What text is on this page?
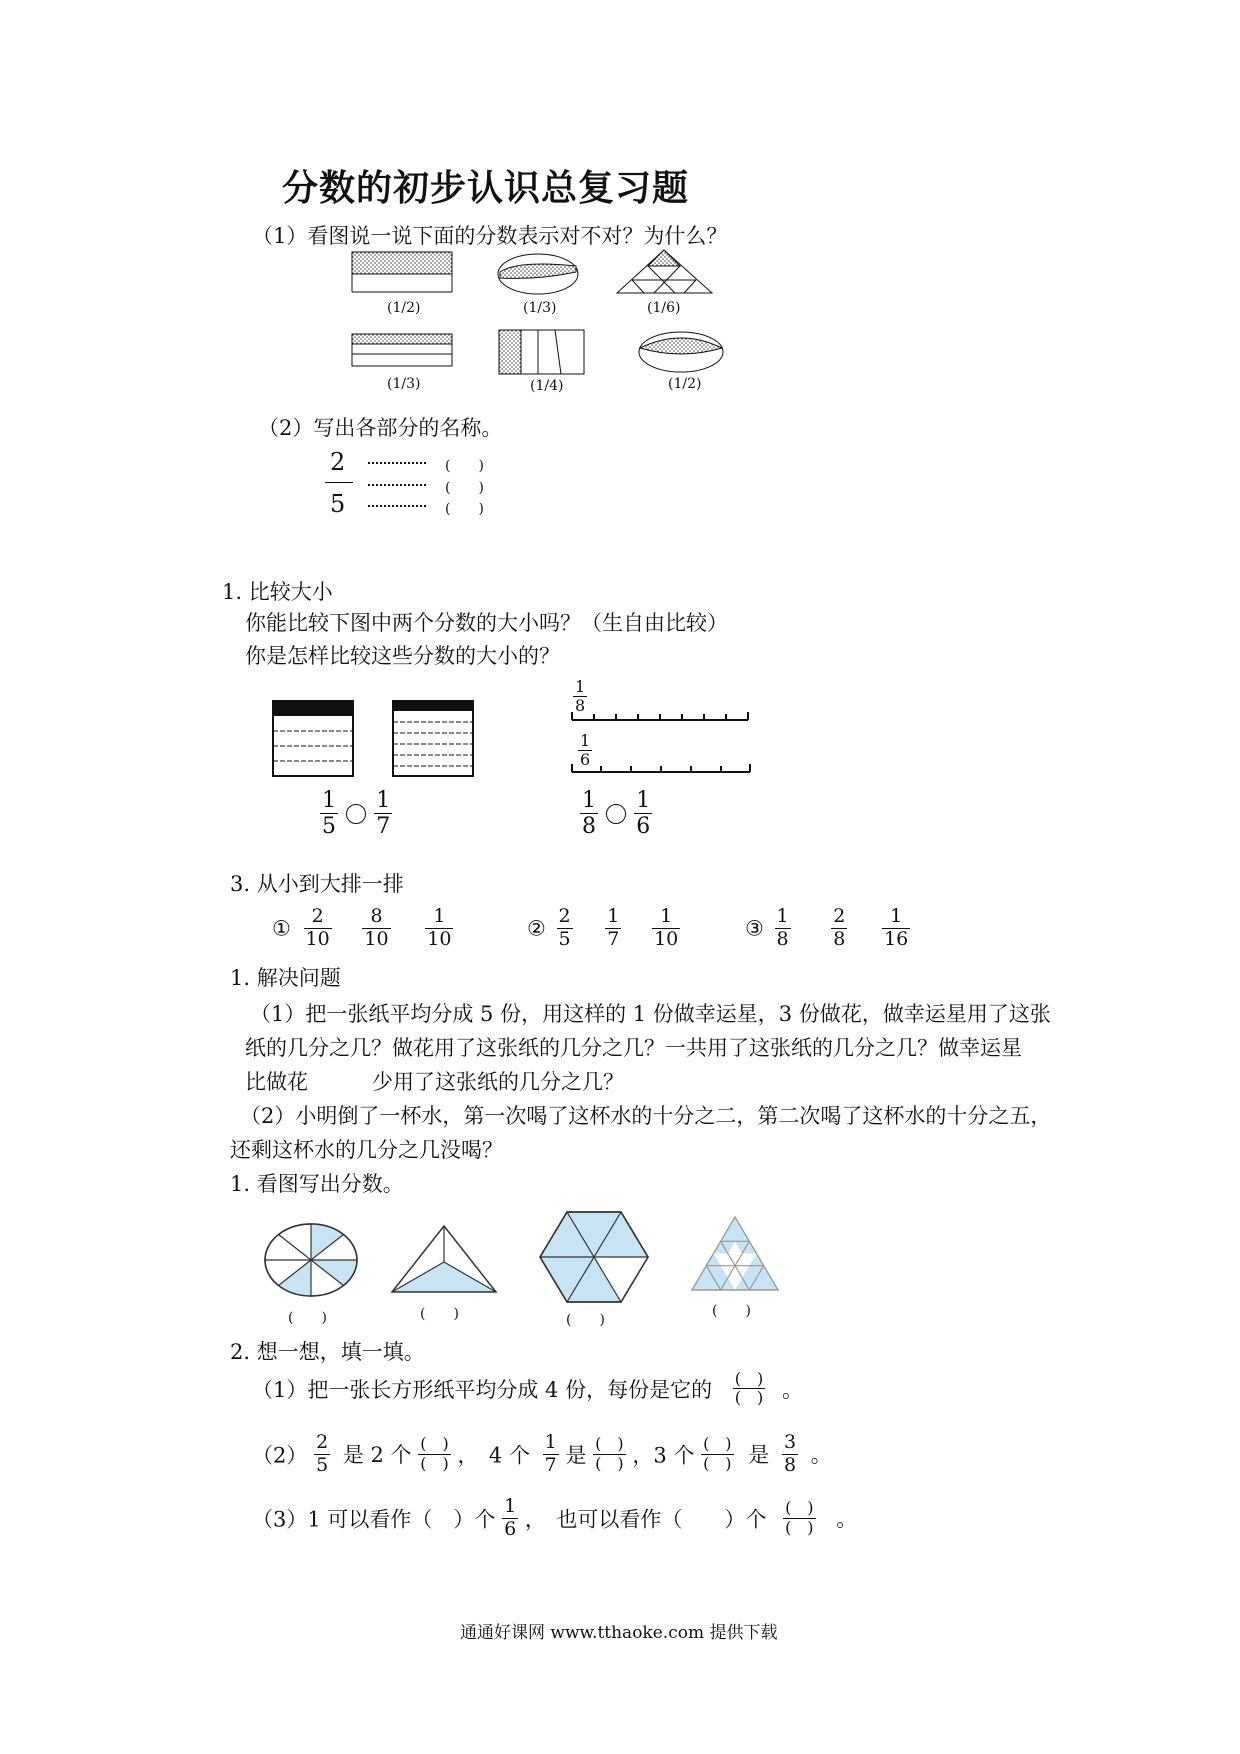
分数的初步认识总复习题
（1）看图说一说下面的分数表示对不对？为什么？
(1/2)	(1/3)	(1/6)
(1/3)	(1/4)	(1/2)
（2）写出各部分的名称。
2
5
(　　)
(　　)
(　　)
1. 比较大小
你能比较下图中两个分数的大小吗？（生自由比较）
你是怎样比较这些分数的大小的？
$\frac{1}{8}$
$\frac{1}{6}$
$\frac{1}{5}$
$\frac{1}{7}$	$\frac{1}{8}$
$\frac{1}{6}$
3. 从小到大排一排
① $\frac{2}{10}$
$\frac{8}{10}$
$\frac{1}{10}$	② $\frac{2}{5}$
$\frac{1}{7}$
$\frac{1}{10}$	③ $\frac{1}{8}$
$\frac{2}{8}$
$\frac{1}{16}$
1. 解决问题
（1）把一张纸平均分成 5 份，用这样的 1 份做幸运星，3 份做花，做幸运星用了这张
纸的几分之几？做花用了这张纸的几分之几？一共用了这张纸的几分之几？做幸运星
比做花	少用了这张纸的几分之几？
（2）小明倒了一杯水，第一次喝了这杯水的十分之二，第二次喝了这杯水的十分之五，
还剩这杯水的几分之几没喝？
1. 看图写出分数。
(　　)	(　　)	(　　)
(　　)
2. 想一想，填一填。
（1）把一张长方形纸平均分成 4 份，每份是它的 $\frac{( )}{( )}$ 。
$(2) \frac{2}{5}$ 是 2 个 $\frac{( )}{( )}$ ，　4 个 $\frac{1}{7}$ 是 $\frac{( )}{( )}$ ，3 个 $\frac{( )}{( )}$ 是 $\frac{3}{8}$ 。
（3）1 可以看作（　）个 $\frac{1}{6}$ ，　也可以看作（　　）个 $\frac{( )}{( )}$ 。
通通好课网 www.tthaoke.com 提供下载
